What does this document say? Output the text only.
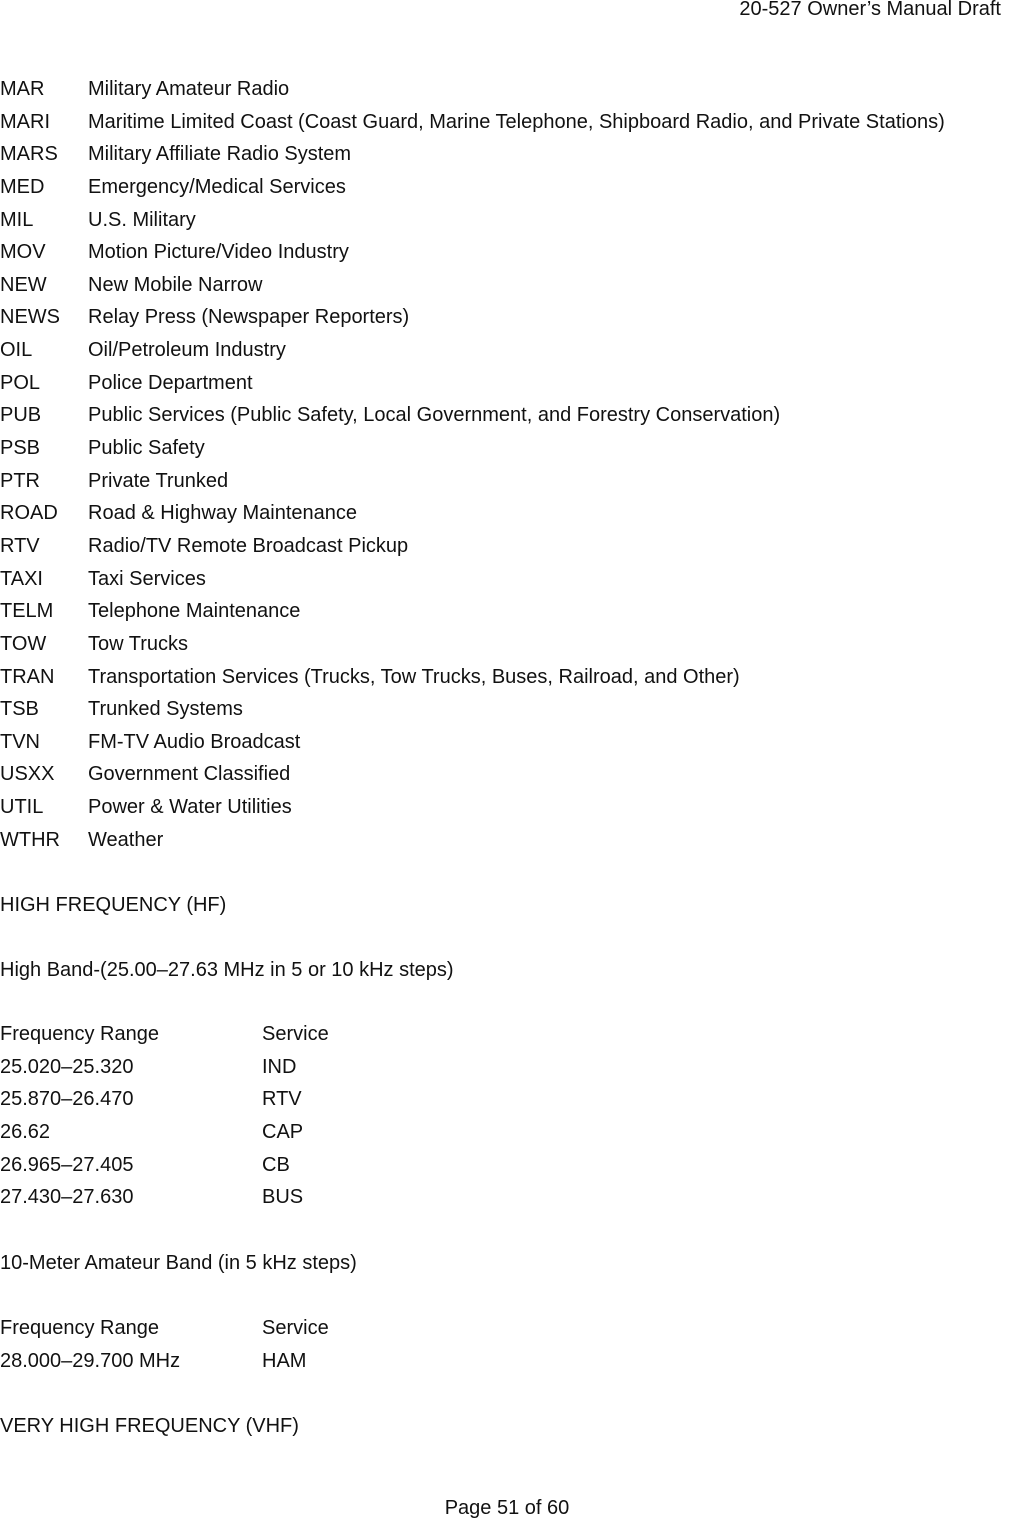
20-527 Owner’s Manual Draft
MAR Military Amateur Radio
MARI Maritime Limited Coast (Coast Guard, Marine Telephone, Shipboard Radio, and Private Stations)
MARS Military Affiliate Radio System
MED Emergency/Medical Services
MIL	U.S. Military
MOV Motion Picture/Video Industry
NEW New Mobile Narrow
NEWS Relay Press (Newspaper Reporters)
OIL	Oil/Petroleum Industry
POL Police Department
PUB Public Services (Public Safety, Local Government, and Forestry Conservation)
PSB Public Safety
PTR Private Trunked
ROAD Road & Highway Maintenance
RTV Radio/TV Remote Broadcast Pickup
TAXI Taxi Services
TELM Telephone Maintenance
TOW Tow Trucks
TRAN Transportation Services (Trucks, Tow Trucks, Buses, Railroad, and Other)
TSB Trunked Systems
TVN FM-TV Audio Broadcast
USXX Government Classified
UTIL Power & Water Utilities
WTHR Weather
HIGH FREQUENCY (HF)
High Band-(25.00–27.63 MHz in 5 or 10 kHz steps)
Frequency Range	Service
25.020–25.320	IND
25.870–26.470	RTV
26.62	CAP
26.965–27.405	CB
27.430–27.630	BUS
10-Meter Amateur Band (in 5 kHz steps)
Frequency Range	Service
28.000–29.700 MHz	HAM
VERY HIGH FREQUENCY (VHF)
Page 51 of 60
